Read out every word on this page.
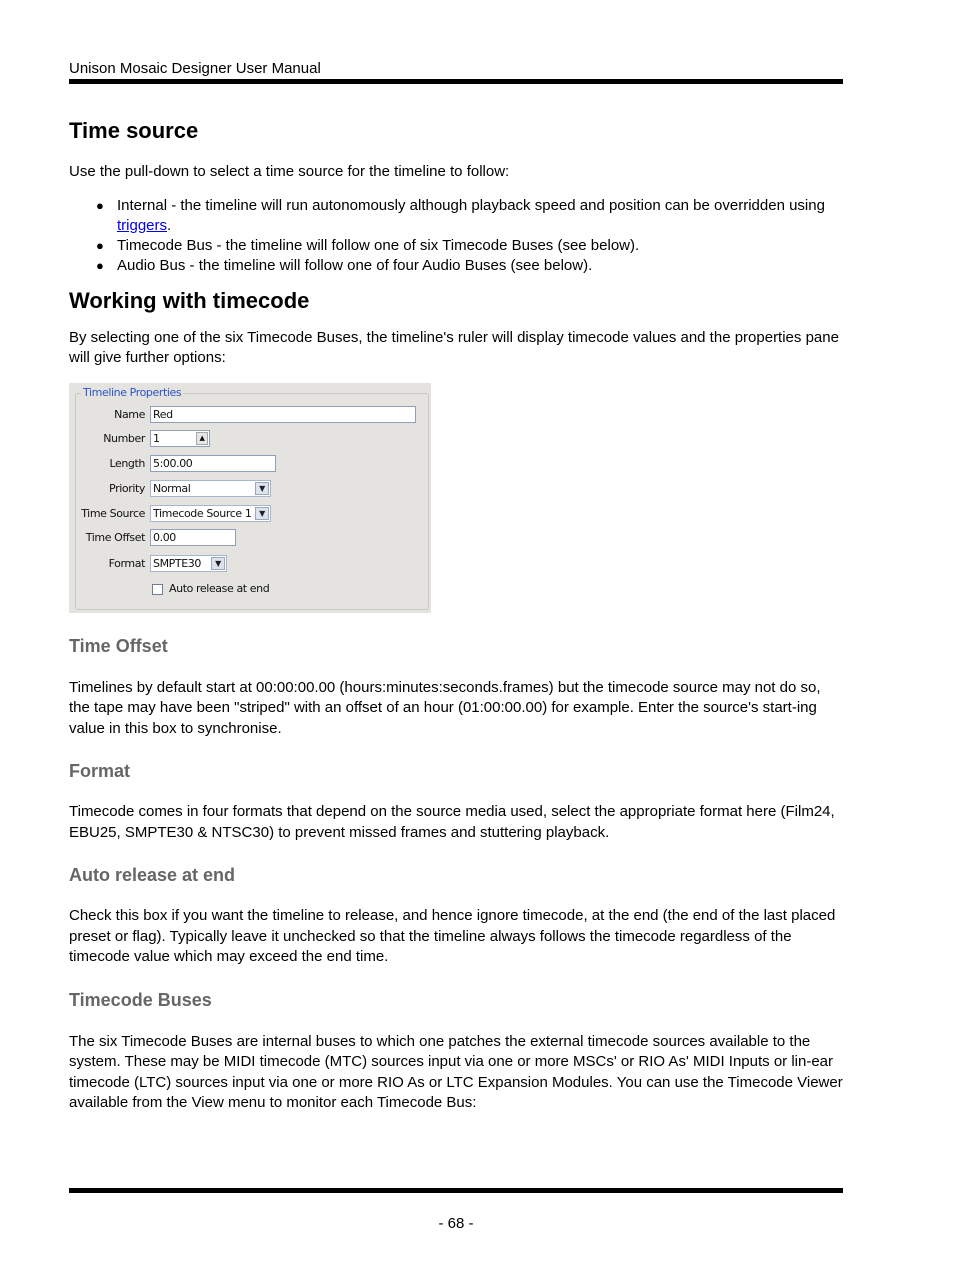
Unison Mosaic Designer User Manual
Time source

Use the pull-down to select a time source for the timeline to follow:

● Internal - the timeline will run autonomously although playback speed and position can be overridden using triggers.
● Timecode Bus - the timeline will follow one of six Timecode Buses (see below).
● Audio Bus - the timeline will follow one of four Audio Buses (see below).
Working with timecode

By selecting one of the six Timecode Buses, the timeline's ruler will display timecode values and the properties pane will give further options:

Timeline Properties
Name Red
Number 1	▲
Length 5:00.00
Priority Normal	▼
Time Source Timecode Source 1 ▼
Time Offset 0.00
Format SMPTE30	▼
Auto release at end
Time Offset

Timelines by default start at 00:00:00.00 (hours:minutes:seconds.frames) but the timecode source may not do so, the tape may have been "striped" with an offset of an hour (01:00:00.00) for example. Enter the source's start-ing value in this box to synchronise.

Format

Timecode comes in four formats that depend on the source media used, select the appropriate format here (Film24, EBU25, SMPTE30 & NTSC30) to prevent missed frames and stuttering playback.

Auto release at end

Check this box if you want the timeline to release, and hence ignore timecode, at the end (the end of the last placed preset or flag). Typically leave it unchecked so that the timeline always follows the timecode regardless of the timecode value which may exceed the end time.

Timecode Buses

The six Timecode Buses are internal buses to which one patches the external timecode sources available to the system. These may be MIDI timecode (MTC) sources input via one or more MSCs' or RIO As' MIDI Inputs or lin-ear timecode (LTC) sources input via one or more RIO As or LTC Expansion Modules. You can use the Timecode Viewer available from the View menu to monitor each Timecode Bus:

- 68 -
